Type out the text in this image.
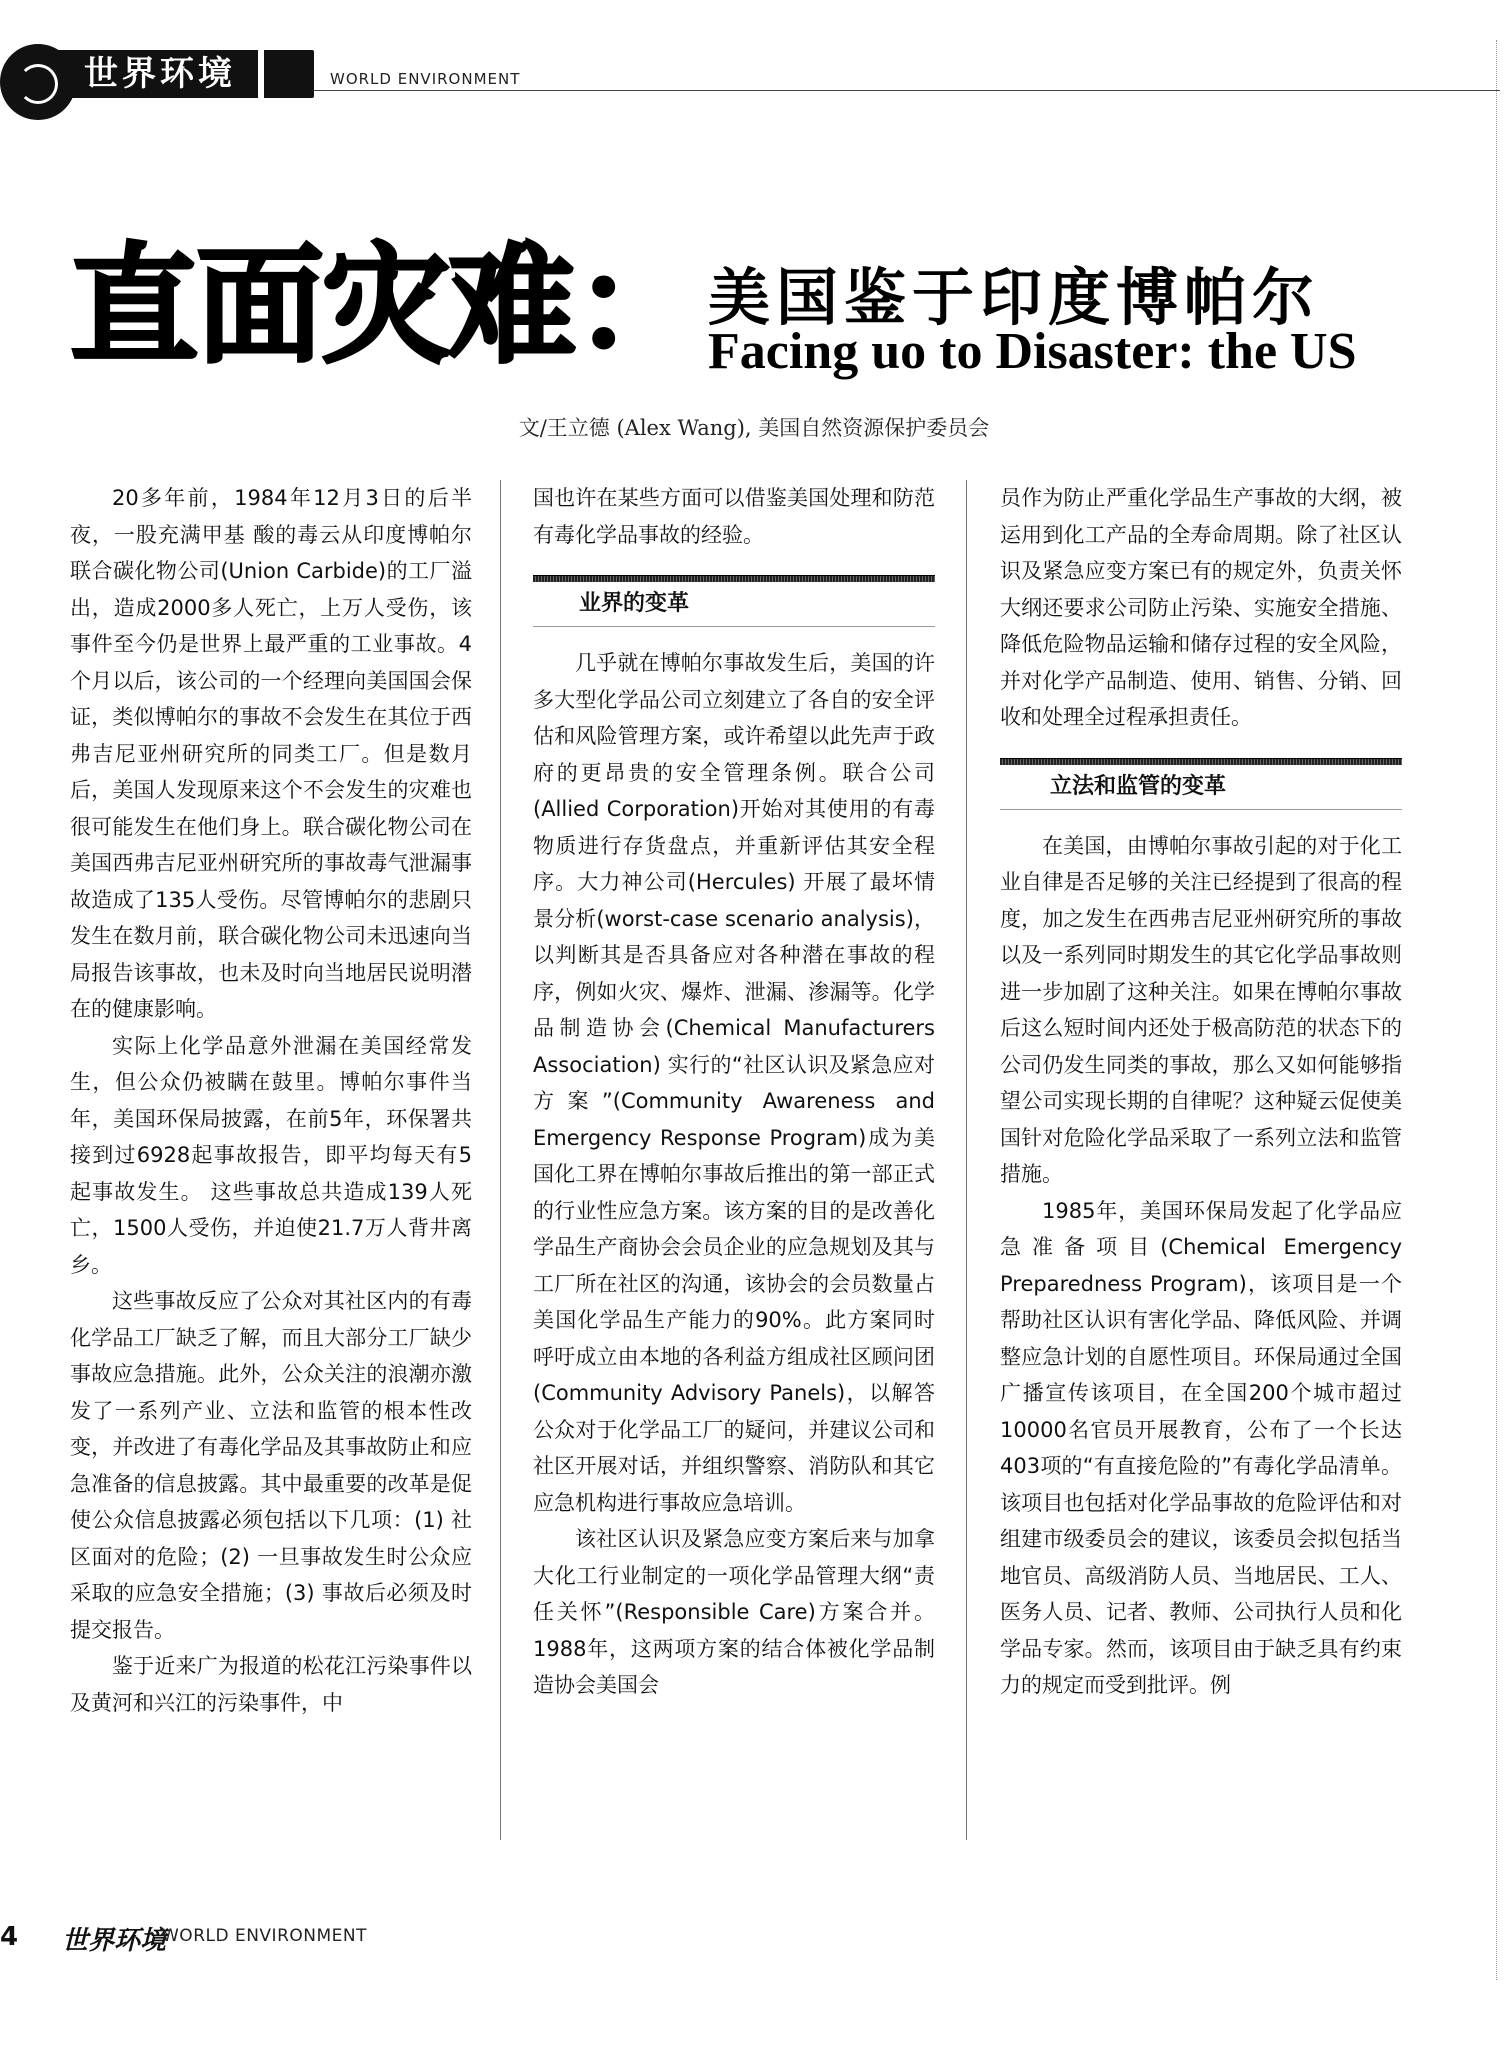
世界环境	WORLD ENVIRONMENT
直面灾难： 美国鉴于印度博帕尔
Facing uo to Disaster: the US
文/王立德 (Alex Wang), 美国自然资源保护委员会

20多年前，1984年12月3日的后半夜，一股充满甲基 酸的毒云从印度博帕尔联合碳化物公司(Union Carbide)的工厂溢出，造成2000多人死亡，上万人受伤，该事件至今仍是世界上最严重的工业事故。4个月以后，该公司的一个经理向美国国会保证，类似博帕尔的事故不会发生在其位于西弗吉尼亚州研究所的同类工厂。但是数月后，美国人发现原来这个不会发生的灾难也很可能发生在他们身上。联合碳化物公司在美国西弗吉尼亚州研究所的事故毒气泄漏事故造成了135人受伤。尽管博帕尔的悲剧只发生在数月前，联合碳化物公司未迅速向当局报告该事故，也未及时向当地居民说明潜在的健康影响。

实际上化学品意外泄漏在美国经常发生，但公众仍被瞒在鼓里。博帕尔事件当年，美国环保局披露，在前5年，环保署共接到过6928起事故报告，即平均每天有5起事故发生。 这些事故总共造成139人死亡，1500人受伤，并迫使21.7万人背井离乡。

这些事故反应了公众对其社区内的有毒化学品工厂缺乏了解，而且大部分工厂缺少事故应急措施。此外，公众关注的浪潮亦激发了一系列产业、立法和监管的根本性改变，并改进了有毒化学品及其事故防止和应急准备的信息披露。其中最重要的改革是促使公众信息披露必须包括以下几项：(1) 社区面对的危险；(2) 一旦事故发生时公众应采取的应急安全措施；(3) 事故后必须及时提交报告。

鉴于近来广为报道的松花江污染事件以及黄河和兴江的污染事件，中

国也许在某些方面可以借鉴美国处理和防范有毒化学品事故的经验。

业界的变革

几乎就在博帕尔事故发生后，美国的许多大型化学品公司立刻建立了各自的安全评估和风险管理方案，或许希望以此先声于政府的更昂贵的安全管理条例。联合公司(Allied Corporation)开始对其使用的有毒物质进行存货盘点，并重新评估其安全程序。大力神公司(Hercules) 开展了最坏情景分析(worst-case scenario analysis)，以判断其是否具备应对各种潜在事故的程序，例如火灾、爆炸、泄漏、渗漏等。化学品制造协会(Chemical Manufacturers Association) 实行的“社区认识及紧急应对方案”(Community Awareness and Emergency Response Program)成为美国化工界在博帕尔事故后推出的第一部正式的行业性应急方案。该方案的目的是改善化学品生产商协会会员企业的应急规划及其与工厂所在社区的沟通，该协会的会员数量占美国化学品生产能力的90%。此方案同时呼吁成立由本地的各利益方组成社区顾问团(Community Advisory Panels)，以解答公众对于化学品工厂的疑问，并建议公司和社区开展对话，并组织警察、消防队和其它应急机构进行事故应急培训。

该社区认识及紧急应变方案后来与加拿大化工行业制定的一项化学品管理大纲“责任关怀”(Responsible Care)方案合并。1988年，这两项方案的结合体被化学品制造协会美国会

员作为防止严重化学品生产事故的大纲，被运用到化工产品的全寿命周期。除了社区认识及紧急应变方案已有的规定外，负责关怀大纲还要求公司防止污染、实施安全措施、降低危险物品运输和储存过程的安全风险，并对化学产品制造、使用、销售、分销、回收和处理全过程承担责任。

立法和监管的变革

在美国，由博帕尔事故引起的对于化工业自律是否足够的关注已经提到了很高的程度，加之发生在西弗吉尼亚州研究所的事故以及一系列同时期发生的其它化学品事故则进一步加剧了这种关注。如果在博帕尔事故后这么短时间内还处于极高防范的状态下的公司仍发生同类的事故，那么又如何能够指望公司实现长期的自律呢？这种疑云促使美国针对危险化学品采取了一系列立法和监管措施。

1985年，美国环保局发起了化学品应急准备项目(Chemical Emergency Preparedness Program)，该项目是一个帮助社区认识有害化学品、降低风险、并调整应急计划的自愿性项目。环保局通过全国广播宣传该项目，在全国200个城市超过10000名官员开展教育，公布了一个长达403项的“有直接危险的”有毒化学品清单。该项目也包括对化学品事故的危险评估和对组建市级委员会的建议，该委员会拟包括当地官员、高级消防人员、当地居民、工人、医务人员、记者、教师、公司执行人员和化学品专家。然而，该项目由于缺乏具有约束力的规定而受到批评。例

4 世界环境
WORLD ENVIRONMENT
